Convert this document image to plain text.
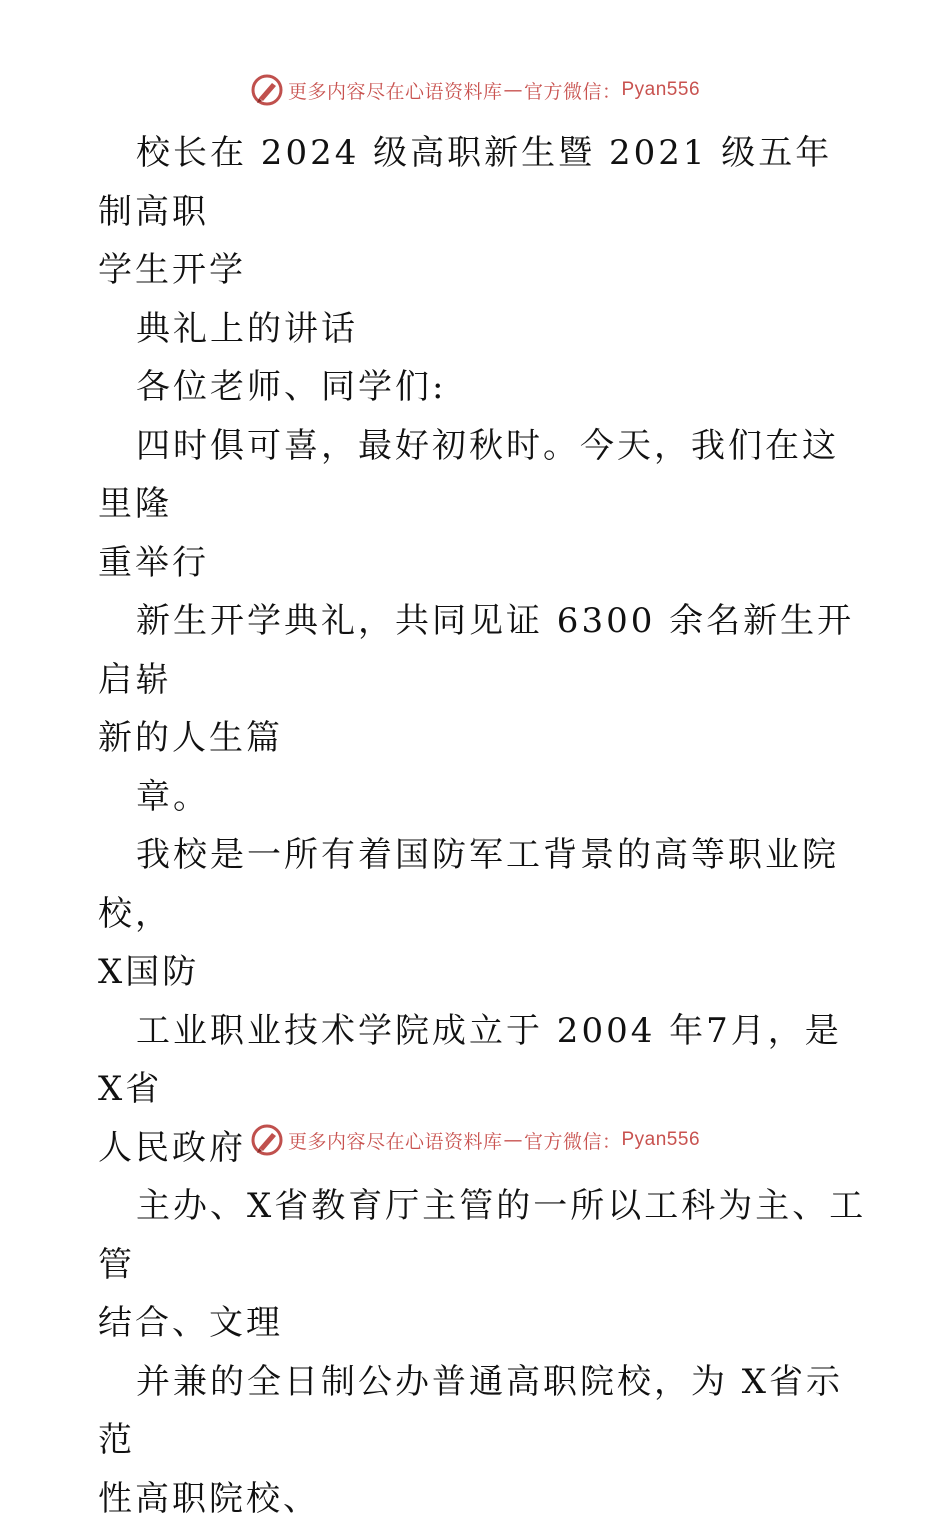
更多内容尽在心语资料库 — 官方微信： Pyan556

校长在 2024 级高职新生暨 2021 级五年制高职

学生开学

典礼上的讲话

各位老师、同学们:

四时俱可喜，最好初秋时。今天，我们在这里隆

重举行

新生开学典礼，共同见证 6300 余名新生开启崭

新的人生篇

章。

我校是一所有着国防军工背景的高等职业院校，

X国防

工业职业技术学院成立于 2004 年7月，是 X省

人民政府

主办、X省教育厅主管的一所以工科为主、工管

结合、文理

并兼的全日制公办普通高职院校，为 X省示范

性高职院校、

更多内容尽在心语资料库 — 官方微信： Pyan556
